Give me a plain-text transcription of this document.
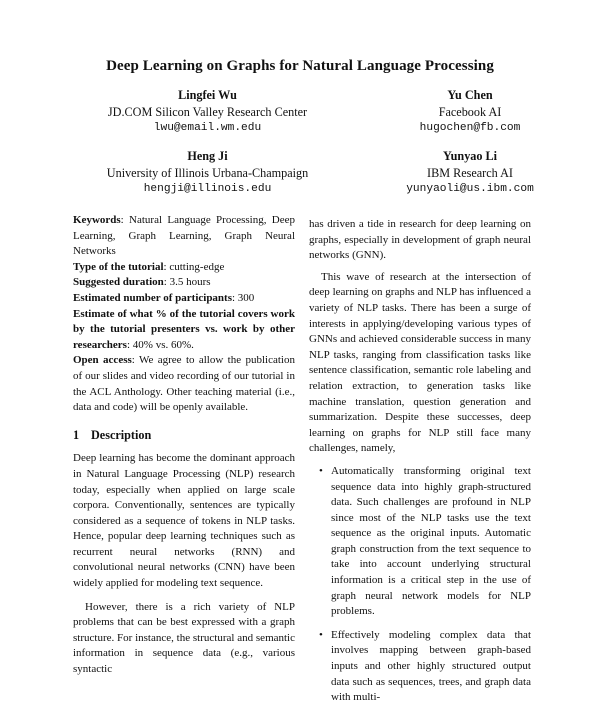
Deep Learning on Graphs for Natural Language Processing
Lingfei Wu
JD.COM Silicon Valley Research Center
lwu@email.wm.edu
Yu Chen
Facebook AI
hugochen@fb.com
Heng Ji
University of Illinois Urbana-Champaign
hengji@illinois.edu
Yunyao Li
IBM Research AI
yunyaoli@us.ibm.com

Keywords: Natural Language Processing, Deep Learning, Graph Learning, Graph Neural Networks

Type of the tutorial: cutting-edge

Suggested duration: 3.5 hours

Estimated number of participants: 300

Estimate of what % of the tutorial covers work by the tutorial presenters vs. work by other researchers: 40% vs. 60%.

Open access: We agree to allow the publication of our slides and video recording of our tutorial in the ACL Anthology. Other teaching material (i.e., data and code) will be openly available.

1 Description

Deep learning has become the dominant approach in Natural Language Processing (NLP) research today, especially when applied on large scale corpora. Conventionally, sentences are typically considered as a sequence of tokens in NLP tasks. Hence, popular deep learning techniques such as recurrent neural networks (RNN) and convolutional neural networks (CNN) have been widely applied for modeling text sequence.

However, there is a rich variety of NLP problems that can be best expressed with a graph structure. For instance, the structural and semantic information in sequence data (e.g., various syntactic

has driven a tide in research for deep learning on graphs, especially in development of graph neural networks (GNN).

This wave of research at the intersection of deep learning on graphs and NLP has influenced a variety of NLP tasks. There has been a surge of interests in applying/developing various types of GNNs and achieved considerable success in many NLP tasks, ranging from classification tasks like sentence classification, semantic role labeling and relation extraction, to generation tasks like machine translation, question generation and summarization. Despite these successes, deep learning on graphs for NLP still face many challenges, namely,

• Automatically transforming original text sequence data into highly graph-structured data. Such challenges are profound in NLP since most of the NLP tasks use the text sequence as the original inputs. Automatic graph construction from the text sequence to take into account underlying structural information is a critical step in the use of graph neural network models for NLP problems.
• Effectively modeling complex data that involves mapping between graph-based inputs and other highly structured output data such as sequences, trees, and graph data with multi-
